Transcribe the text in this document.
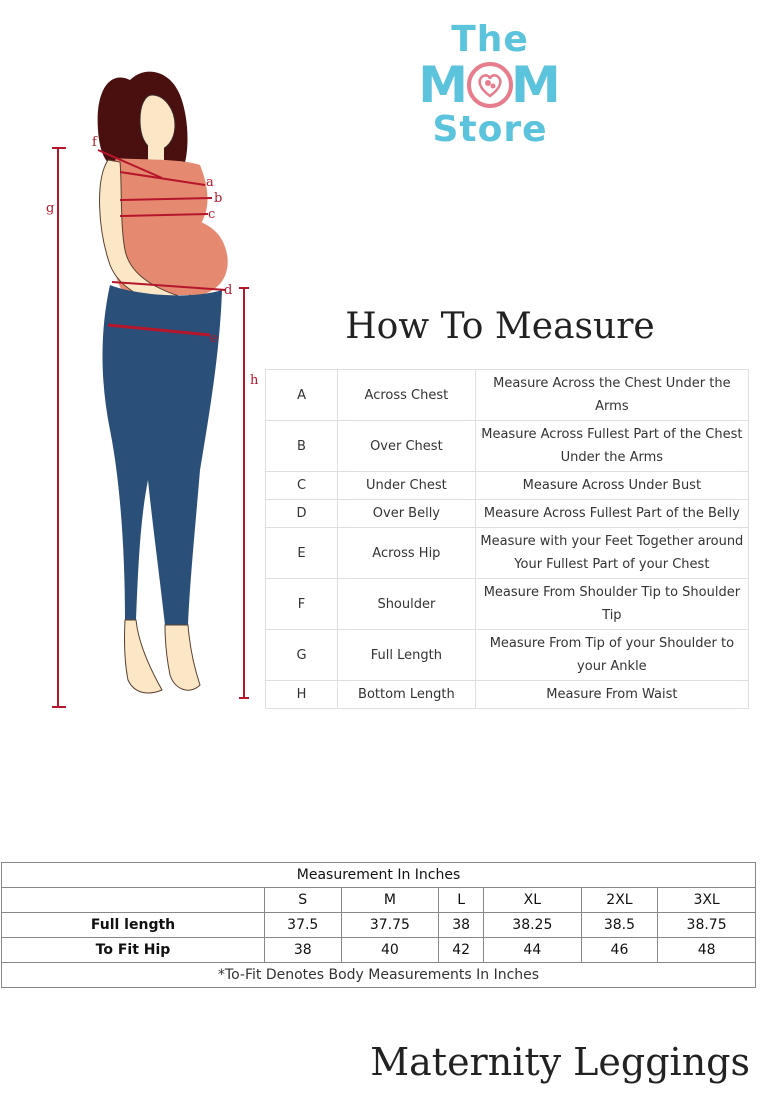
The
M M
Store
f
a
b
c
d
e
g
h
How To Measure
A	Across Chest	Measure Across the Chest Under the Arms
B	Over Chest	Measure Across Fullest Part of the Chest Under the Arms
C	Under Chest	Measure Across Under Bust
D	Over Belly	Measure Across Fullest Part of the Belly
E	Across Hip	Measure with your Feet Together around Your Fullest Part of your Chest
F	Shoulder	Measure From Shoulder Tip to Shoulder Tip
G	Full Length	Measure From Tip of your Shoulder to your Ankle
H	Bottom Length	Measure From Waist
Measurement In Inches						
	S	M	L	XL	2XL	3XL
Full length	37.5	37.75	38	38.25	38.5	38.75
To Fit Hip	38	40	42	44	46	48
*To-Fit Denotes Body Measurements In Inches						
Maternity Leggings
